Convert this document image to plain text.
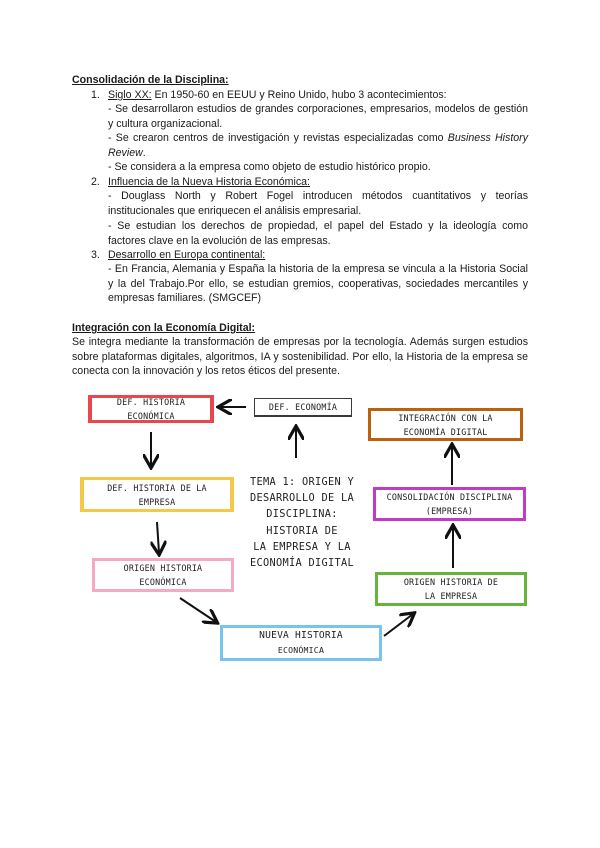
Consolidación de la Disciplina:
1. Siglo XX: En 1950-60 en EEUU y Reino Unido, hubo 3 acontecimientos:
- Se desarrollaron estudios de grandes corporaciones, empresarios, modelos de gestión y cultura organizacional.
- Se crearon centros de investigación y revistas especializadas como Business History Review.
- Se considera a la empresa como objeto de estudio histórico propio.
2. Influencia de la Nueva Historia Económica:
- Douglass North y Robert Fogel introducen métodos cuantitativos y teorías institucionales que enriquecen el análisis empresarial.
- Se estudian los derechos de propiedad, el papel del Estado y la ideología como factores clave en la evolución de las empresas.
3. Desarrollo en Europa continental:
- En Francia, Alemania y España la historia de la empresa se vincula a la Historia Social y la del Trabajo.Por ello, se estudian gremios, cooperativas, sociedades mercantiles y empresas familiares. (SMGCEF)
Integración con la Economía Digital:
Se integra mediante la transformación de empresas por la tecnología. Además surgen estudios sobre plataformas digitales, algoritmos, IA y sostenibilidad. Por ello, la Historia de la empresa se conecta con la innovación y los retos éticos del presente.
DEF. HISTORIA ECONÓMICA
DEF. ECONOMÍA
INTEGRACIÓN CON LA
ECONOMÍA DIGITAL
DEF. HISTORIA DE LA
EMPRESA
TEMA 1: ORIGEN Y
DESARROLLO DE LA
DISCIPLINA: HISTORIA DE
LA EMPRESA Y LA
ECONOMÍA DIGITAL
CONSOLIDACIÓN DISCIPLINA
(EMPRESA)
ORIGEN HISTORIA
ECONÓMICA	ORIGEN HISTORIA DE
LA EMPRESA
NUEVA HISTORIA
ECONÓMICA
